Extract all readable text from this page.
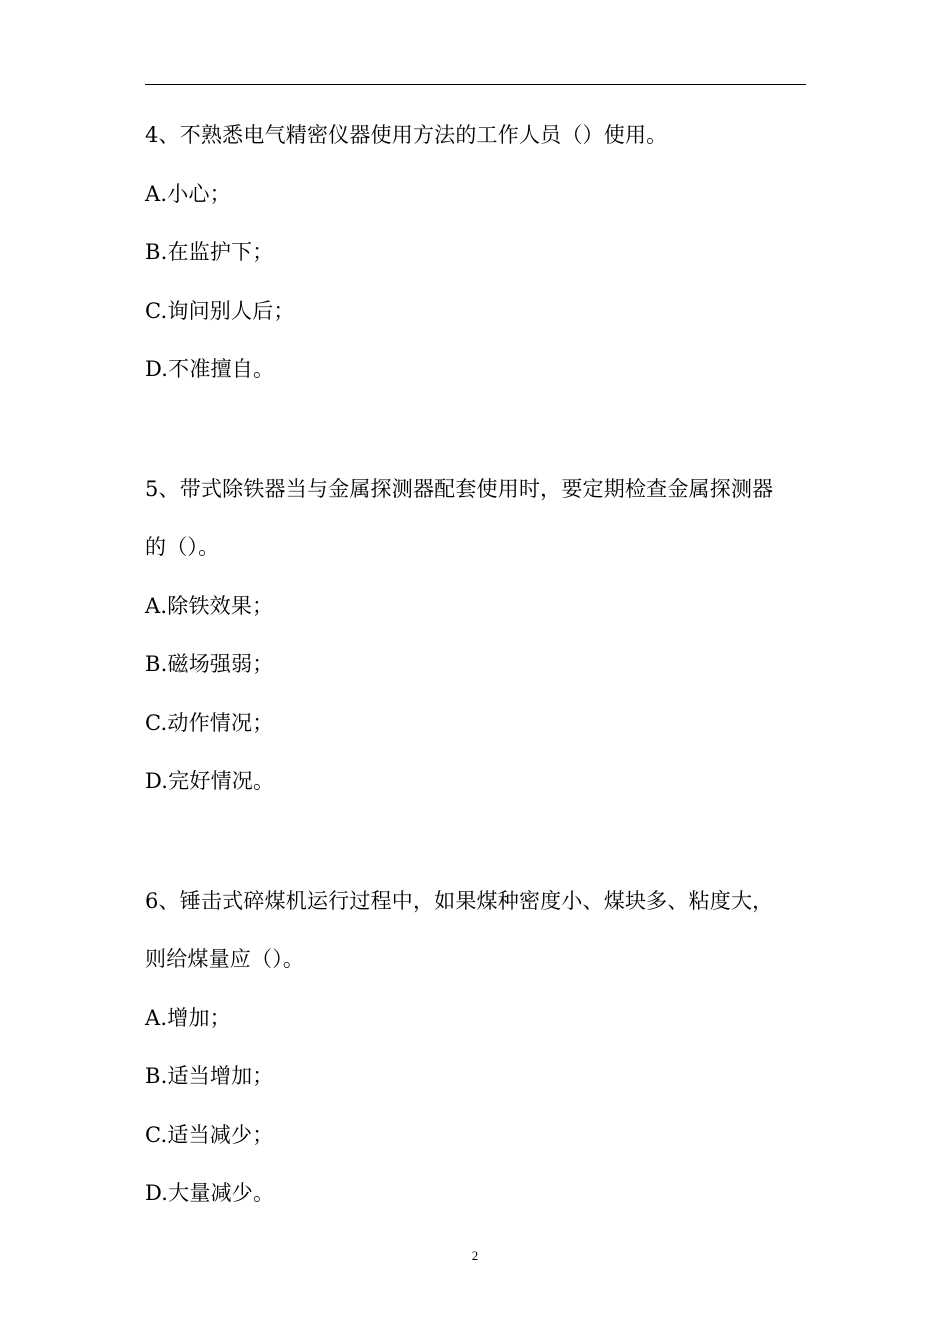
4、不熟悉电气精密仪器使用方法的工作人员（）使用。

A.小心；

B.在监护下；

C.询问别人后；

D.不准擅自。

5、带式除铁器当与金属探测器配套使用时，要定期检查金属探测器

的（）。

A.除铁效果；

B.磁场强弱；

C.动作情况；

D.完好情况。

6、锤击式碎煤机运行过程中，如果煤种密度小、煤块多、粘度大，

则给煤量应（）。

A.增加；

B.适当增加；

C.适当减少；

D.大量减少。

2
